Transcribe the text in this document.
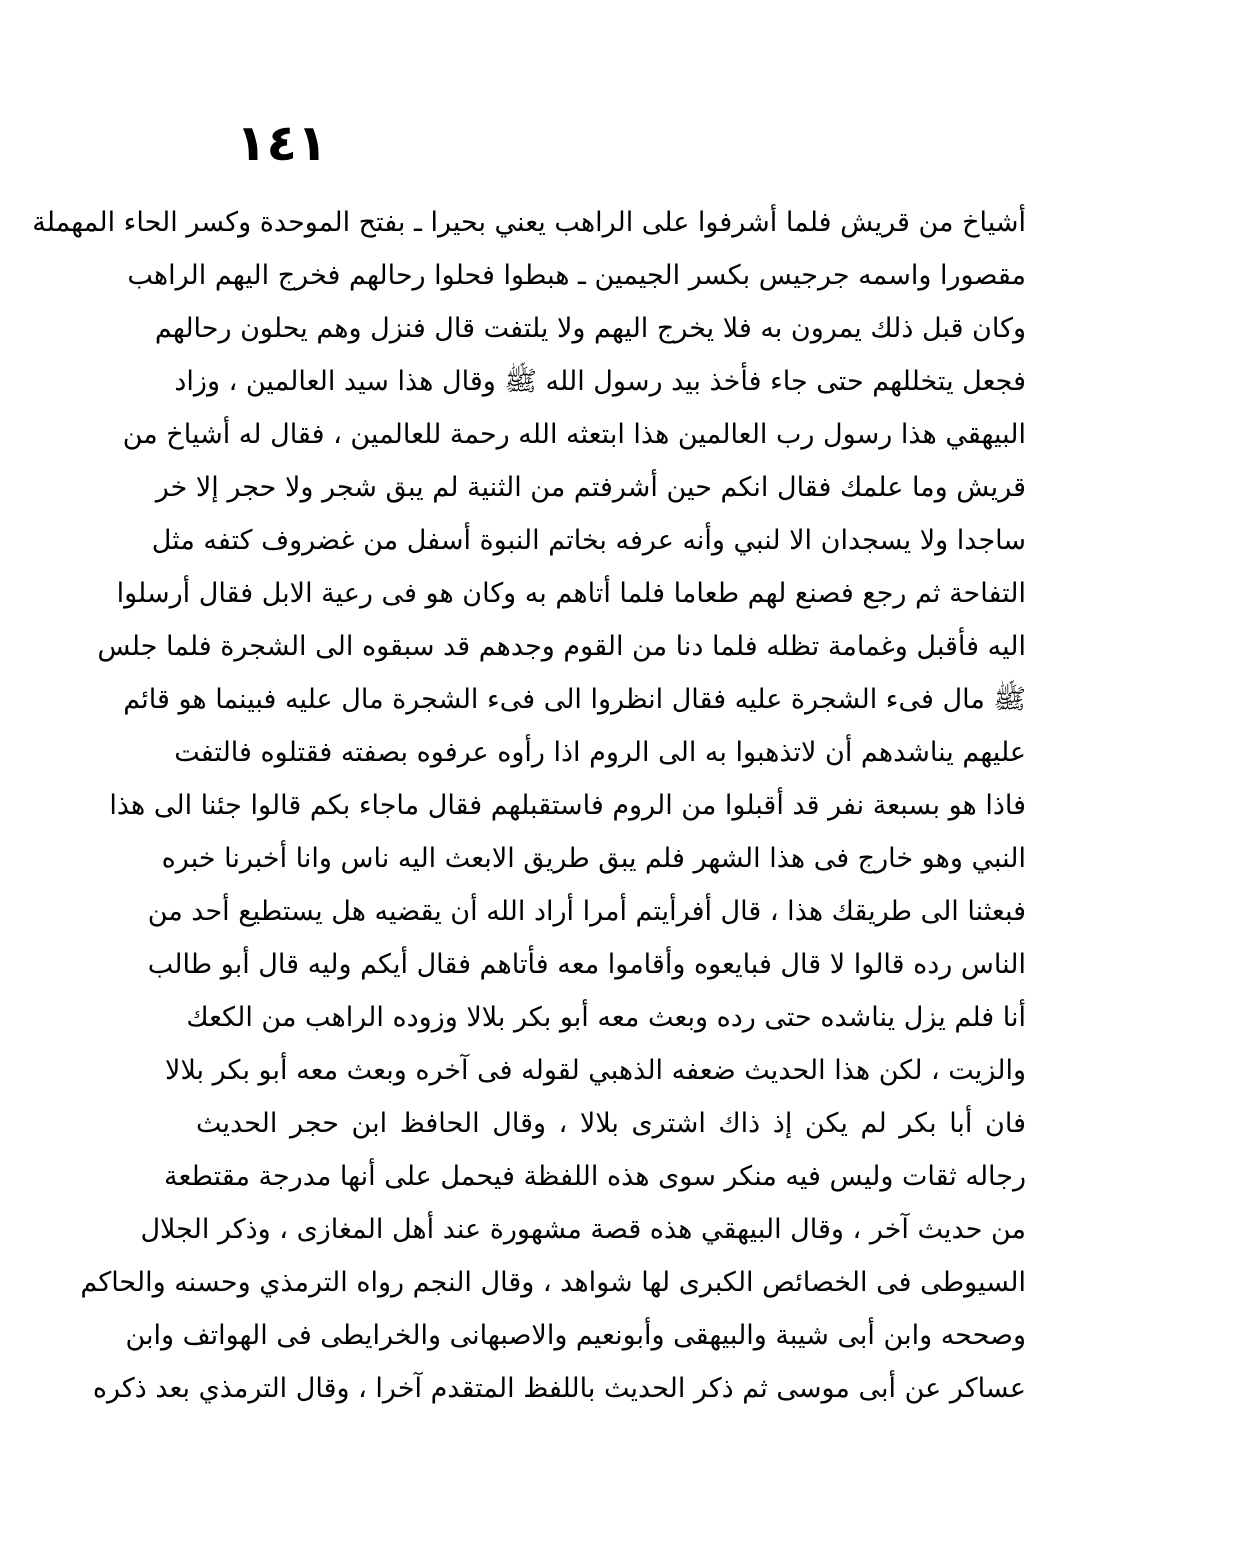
١٤١
أشياخ من قريش فلما أشرفوا على الراهب يعني بحيرا ـ بفتح الموحدة وكسر الحاء المهملة
مقصورا واسمه جرجيس بكسر الجيمين ـ هبطوا فحلوا رحالهم فخرج اليهم الراهب
وكان قبل ذلك يمرون به فلا يخرج اليهم ولا يلتفت قال فنزل وهم يحلون رحالهم
فجعل يتخللهم حتى جاء فأخذ بيد رسول الله ﷺ وقال هذا سيد العالمين ، وزاد
البيهقي هذا رسول رب العالمين هذا ابتعثه الله رحمة للعالمين ، فقال له أشياخ من
قريش وما علمك فقال انكم حين أشرفتم من الثنية لم يبق شجر ولا حجر إلا خر
ساجدا ولا يسجدان الا لنبي وأنه عرفه بخاتم النبوة أسفل من غضروف كتفه مثل
التفاحة ثم رجع فصنع لهم طعاما فلما أتاهم به وكان هو فى رعية الابل فقال أرسلوا
اليه فأقبل وغمامة تظله فلما دنا من القوم وجدهم قد سبقوه الى الشجرة فلما جلس
ﷺ مال فىء الشجرة عليه فقال انظروا الى فىء الشجرة مال عليه فبينما هو قائم
عليهم يناشدهم أن لاتذهبوا به الى الروم اذا رأوه عرفوه بصفته فقتلوه فالتفت
فاذا هو بسبعة نفر قد أقبلوا من الروم فاستقبلهم فقال ماجاء بكم قالوا جئنا الى هذا
النبي وهو خارج فى هذا الشهر فلم يبق طريق الابعث اليه ناس وانا أخبرنا خبره
فبعثنا الى طريقك هذا ، قال أفرأيتم أمرا أراد الله أن يقضيه هل يستطيع أحد من
الناس رده قالوا لا قال فبايعوه وأقاموا معه فأتاهم فقال أيكم وليه قال أبو طالب
أنا فلم يزل يناشده حتى رده وبعث معه أبو بكر بلالا وزوده الراهب من الكعك
والزيت ، لكن هذا الحديث ضعفه الذهبي لقوله فى آخره وبعث معه أبو بكر بلالا
فان أبا بكر لم يكن إذ ذاك اشترى بلالا ، وقال الحافظ ابن حجر الحديث
رجاله ثقات وليس فيه منكر سوى هذه اللفظة فيحمل على أنها مدرجة مقتطعة
من حديث آخر ، وقال البيهقي هذه قصة مشهورة عند أهل المغازى ، وذكر الجلال
السيوطى فى الخصائص الكبرى لها شواهد ، وقال النجم رواه الترمذي وحسنه والحاكم
وصححه وابن أبى شيبة والبيهقى وأبونعيم والاصبهانى والخرايطى فى الهواتف وابن
عساكر عن أبى موسى ثم ذكر الحديث باللفظ المتقدم آخرا ، وقال الترمذي بعد ذكره
